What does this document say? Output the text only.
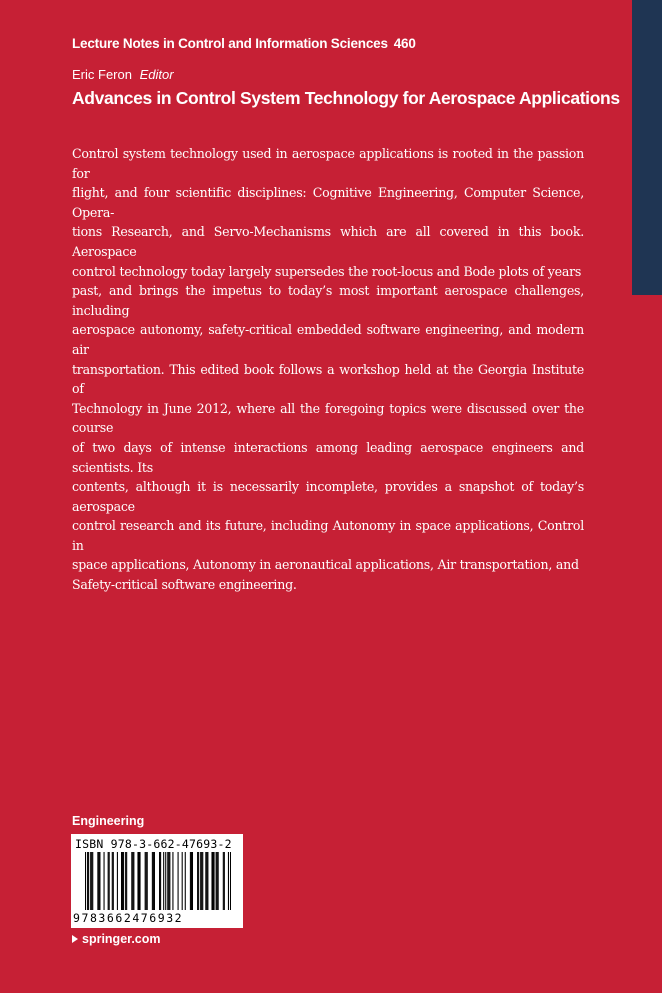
Lecture Notes in Control and Information Sciences 460
Eric Feron Editor
Advances in Control System Technology for Aerospace Applications
Control system technology used in aerospace applications is rooted in the passion for
flight, and four scientific disciplines: Cognitive Engineering, Computer Science, Opera-
tions Research, and Servo-Mechanisms which are all covered in this book. Aerospace
control technology today largely supersedes the root-locus and Bode plots of years
past, and brings the impetus to today’s most important aerospace challenges, including
aerospace autonomy, safety-critical embedded software engineering, and modern air
transportation. This edited book follows a workshop held at the Georgia Institute of
Technology in June 2012, where all the foregoing topics were discussed over the course
of two days of intense interactions among leading aerospace engineers and scientists. Its
contents, although it is necessarily incomplete, provides a snapshot of today’s aerospace
control research and its future, including Autonomy in space applications, Control in
space applications, Autonomy in aeronautical applications, Air transportation, and
Safety-critical software engineering.
Engineering
ISBN 978-3-662-47693-2
9783662476932
springer.com
